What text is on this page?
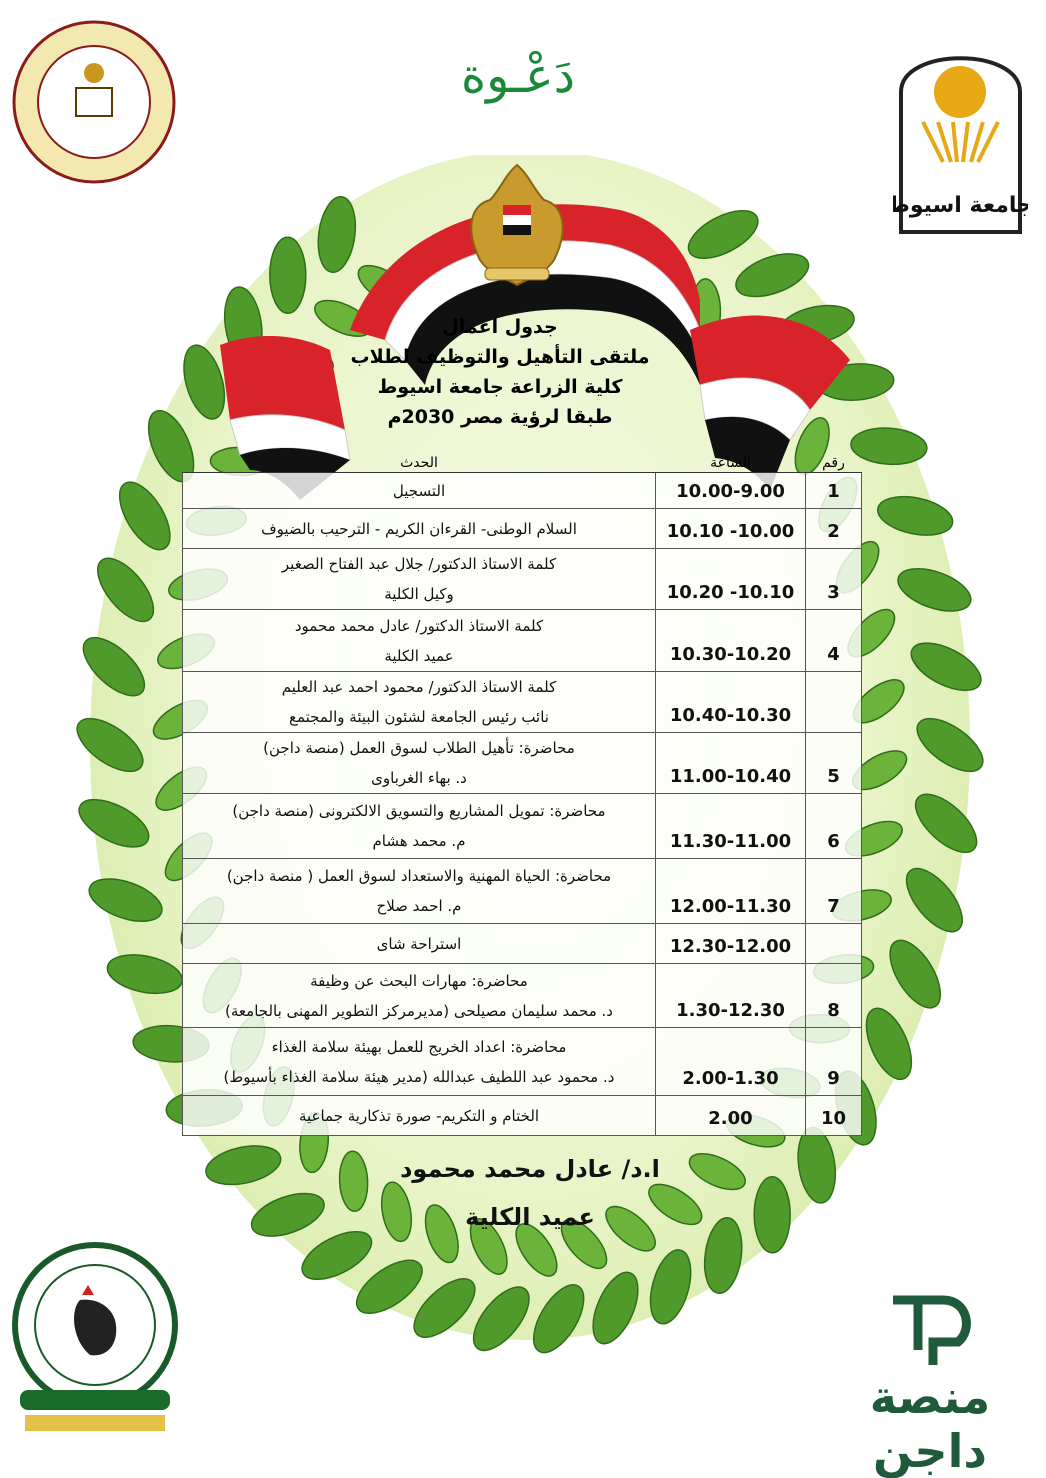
جامعة اسيوط
دَعْـوة
جدول اعمال
ملتقى التأهيل والتوظيف لطلاب
كلية الزراعة جامعة اسيوط
طبقا لرؤية مصر 2030م
رقم	الساعة	الحدث
1	10.00-9.00	التسجيل

2	10.10 -10.00	السلام الوطنى- القرءان الكريم - الترحيب بالضيوف

3	10.20 -10.10	كلمة الاستاذ الدكتور/ جلال عبد الفتاح الصغير
وكيل الكلية

4	10.30-10.20	كلمة الاستاذ الدكتور/ عادل محمد محمود
عميد الكلية

	10.40-10.30	كلمة الاستاذ الدكتور/ محمود احمد عبد العليم
نائب رئيس الجامعة لشئون البيئة والمجتمع

5	11.00-10.40	محاضرة: تأهيل الطلاب لسوق العمل (منصة داجن)
د. بهاء الغرباوى

6	11.30-11.00	محاضرة: تمويل المشاريع والتسويق الالكترونى (منصة داجن)
م. محمد هشام

7	12.00-11.30	محاضرة: الحياة المهنية والاستعداد لسوق العمل ( منصة داجن)
م. احمد صلاح

	12.30-12.00	استراحة شاى

8	1.30-12.30	محاضرة: مهارات البحث عن وظيفة
د. محمد سليمان مصيلحى (مديرمركز التطوير المهنى بالجامعة)

9	2.00-1.30	محاضرة: اعداد الخريج للعمل بهيئة سلامة الغذاء
د. محمود عبد اللطيف عبدالله (مدير هيئة سلامة الغذاء بأسيوط)

10	2.00	الختام و التكريم- صورة تذكارية جماعية
ا.د/ عادل محمد محمود
عميد الكلية
منصة داجن
